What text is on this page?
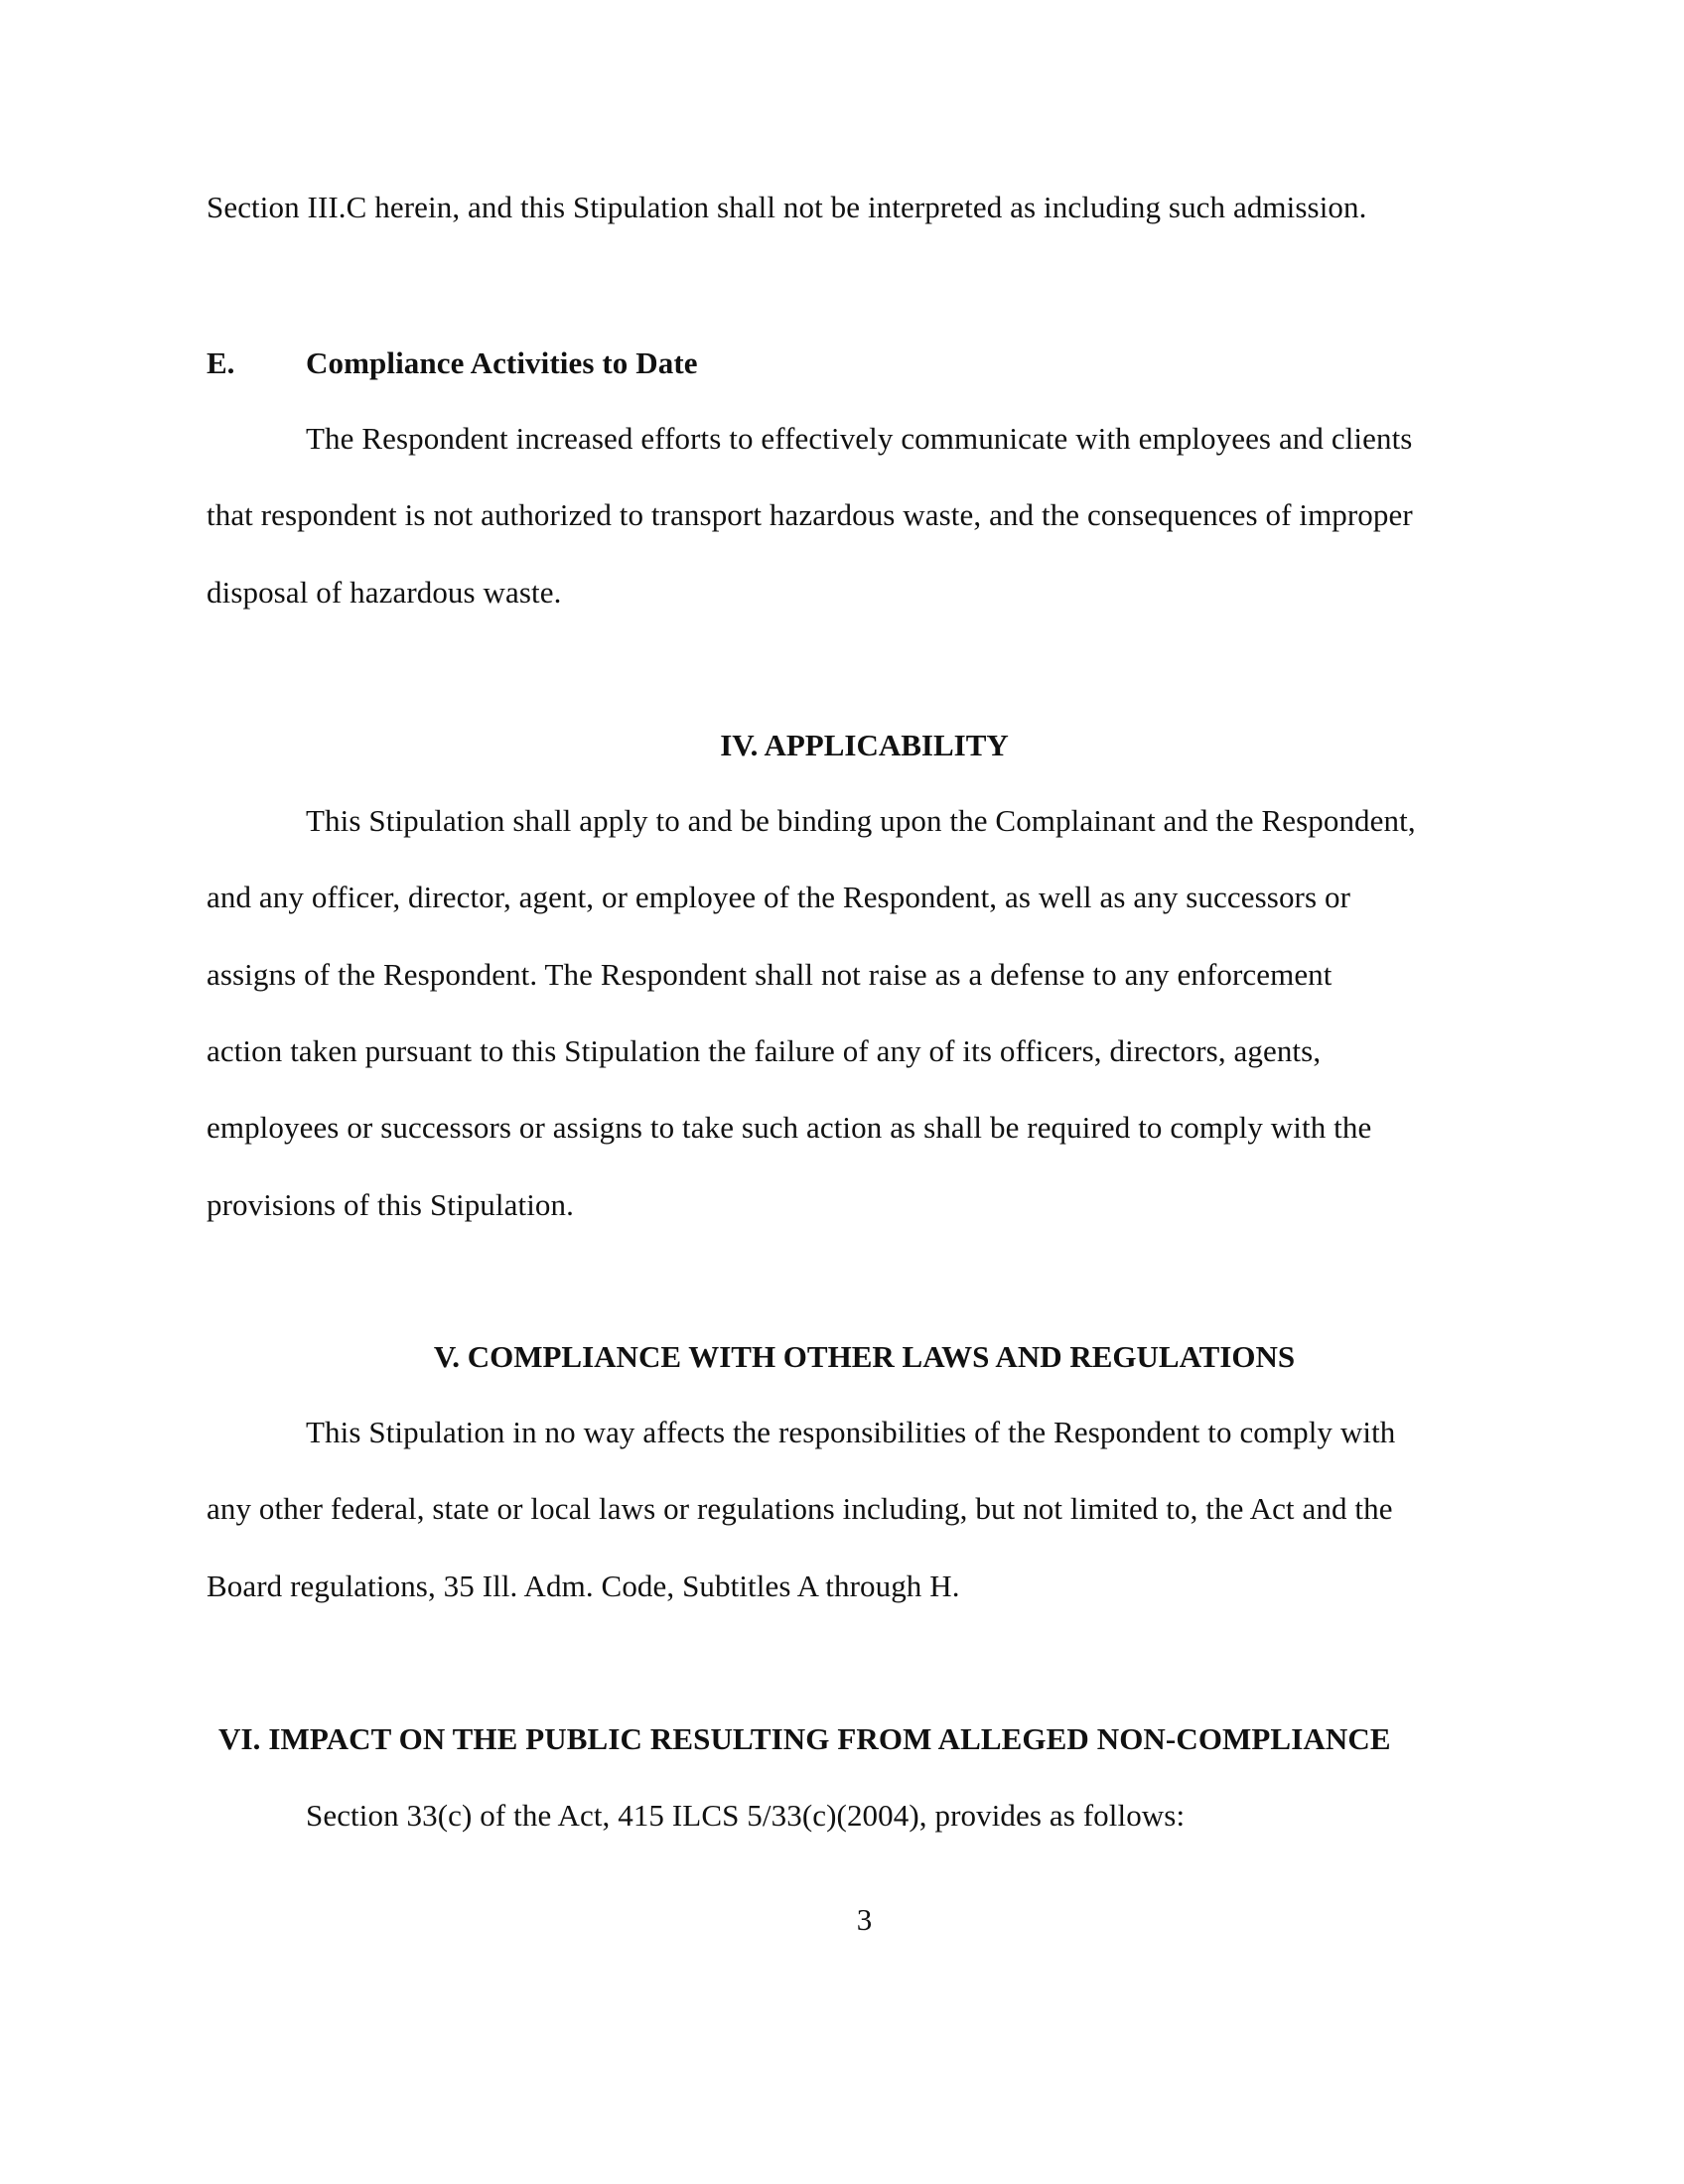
Section III.C herein, and this Stipulation shall not be interpreted as including such admission.
E. Compliance Activities to Date
The Respondent increased efforts to effectively communicate with employees and clients
that respondent is not authorized to transport hazardous waste, and the consequences of improper
disposal of hazardous waste.
IV. APPLICABILITY
This Stipulation shall apply to and be binding upon the Complainant and the Respondent,
and any officer, director, agent, or employee of the Respondent, as well as any successors or
assigns of the Respondent. The Respondent shall not raise as a defense to any enforcement
action taken pursuant to this Stipulation the failure of any of its officers, directors, agents,
employees or successors or assigns to take such action as shall be required to comply with the
provisions of this Stipulation.
V. COMPLIANCE WITH OTHER LAWS AND REGULATIONS
This Stipulation in no way affects the responsibilities of the Respondent to comply with
any other federal, state or local laws or regulations including, but not limited to, the Act and the
Board regulations, 35 Ill. Adm. Code, Subtitles A through H.
VI. IMPACT ON THE PUBLIC RESULTING FROM ALLEGED NON-COMPLIANCE
Section 33(c) of the Act, 415 ILCS 5/33(c)(2004), provides as follows:
3
